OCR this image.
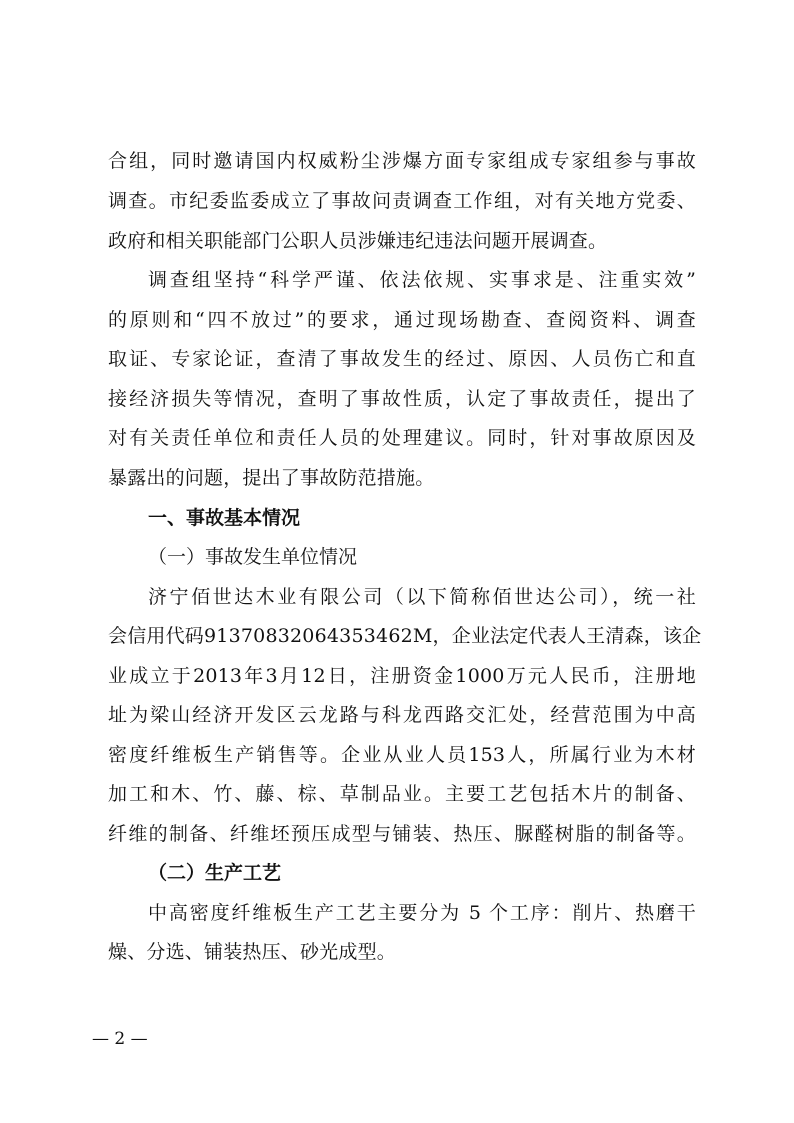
合组，同时邀请国内权威粉尘涉爆方面专家组成专家组参与事故
调查。市纪委监委成立了事故问责调查工作组，对有关地方党委、
政府和相关职能部门公职人员涉嫌违纪违法问题开展调查。
调查组坚持“科学严谨、依法依规、实事求是、注重实效”
的原则和“四不放过”的要求，通过现场勘查、查阅资料、调查
取证、专家论证，查清了事故发生的经过、原因、人员伤亡和直
接经济损失等情况，查明了事故性质，认定了事故责任，提出了
对有关责任单位和责任人员的处理建议。同时，针对事故原因及
暴露出的问题，提出了事故防范措施。
一、事故基本情况
（一）事故发生单位情况
济宁佰世达木业有限公司（以下简称佰世达公司），统一社
会信用代码91370832064353462M，企业法定代表人王清森，该企
业成立于2013年3月12日，注册资金1000万元人民币，注册地
址为梁山经济开发区云龙路与科龙西路交汇处，经营范围为中高
密度纤维板生产销售等。企业从业人员153人，所属行业为木材
加工和木、竹、藤、棕、草制品业。主要工艺包括木片的制备、
纤维的制备、纤维坯预压成型与铺装、热压、脲醛树脂的制备等。
（二）生产工艺
中高密度纤维板生产工艺主要分为 5 个工序：削片、热磨干
燥、分选、铺装热压、砂光成型。
— 2 —
